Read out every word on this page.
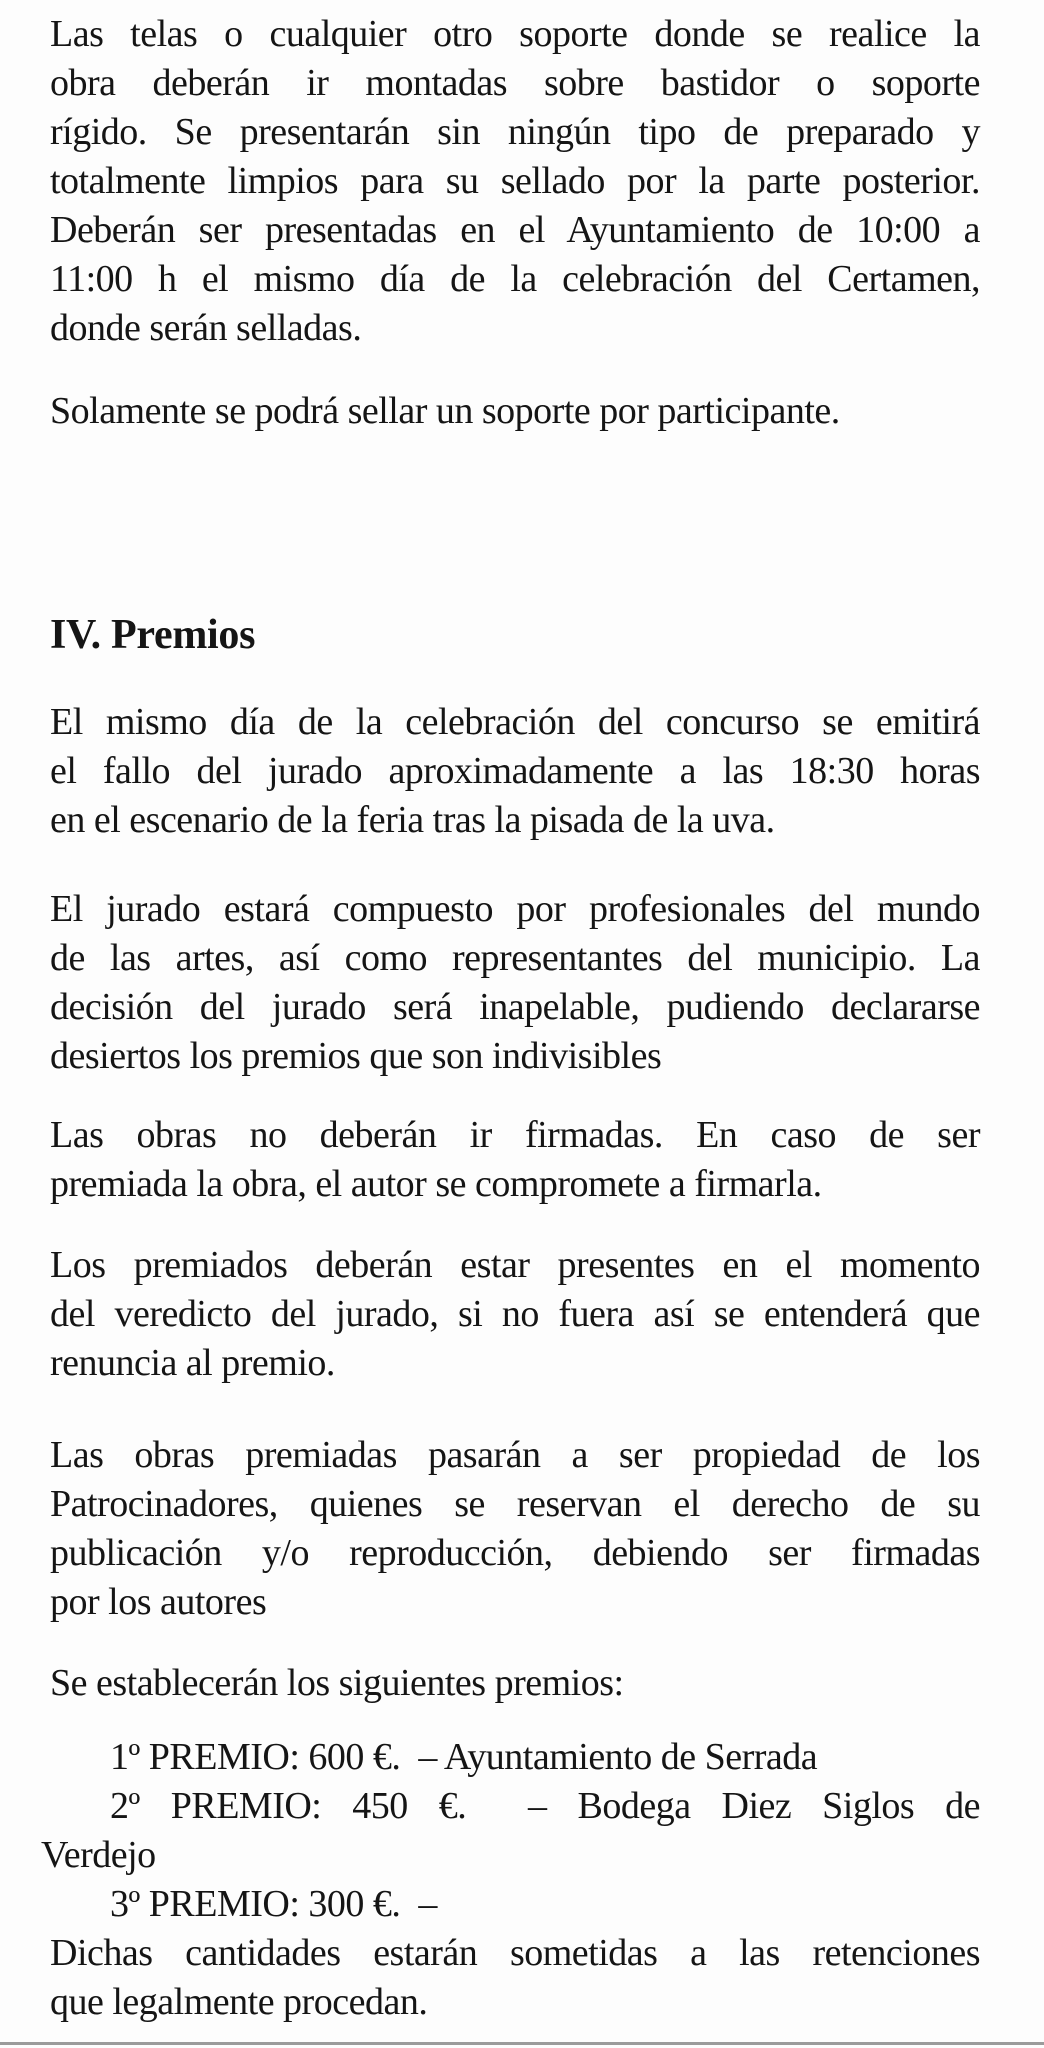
Las telas o cualquier otro soporte donde se realice la
obra deberán ir montadas sobre bastidor o soporte
rígido. Se presentarán sin ningún tipo de preparado y
totalmente limpios para su sellado por la parte posterior.
Deberán ser presentadas en el Ayuntamiento de 10:00 a
11:00 h el mismo día de la celebración del Certamen,
donde serán selladas.
Solamente se podrá sellar un soporte por participante.
IV. Premios
El mismo día de la celebración del concurso se emitirá
el fallo del jurado aproximadamente a las 18:30 horas
en el escenario de la feria tras la pisada de la uva.
El jurado estará compuesto por profesionales del mundo
de las artes, así como representantes del municipio. La
decisión del jurado será inapelable, pudiendo declararse
desiertos los premios que son indivisibles
Las obras no deberán ir firmadas. En caso de ser
premiada la obra, el autor se compromete a firmarla.
Los premiados deberán estar presentes en el momento
del veredicto del jurado, si no fuera así se entenderá que
renuncia al premio.
Las obras premiadas pasarán a ser propiedad de los
Patrocinadores, quienes se reservan el derecho de su
publicación y/o reproducción, debiendo ser firmadas
por los autores
Se establecerán los siguientes premios:
1º PREMIO: 600 €.  – Ayuntamiento de Serrada
2º PREMIO: 450 €.  – Bodega Diez Siglos de
Verdejo
3º PREMIO: 300 €.  –
Dichas cantidades estarán sometidas a las retenciones
que legalmente procedan.
